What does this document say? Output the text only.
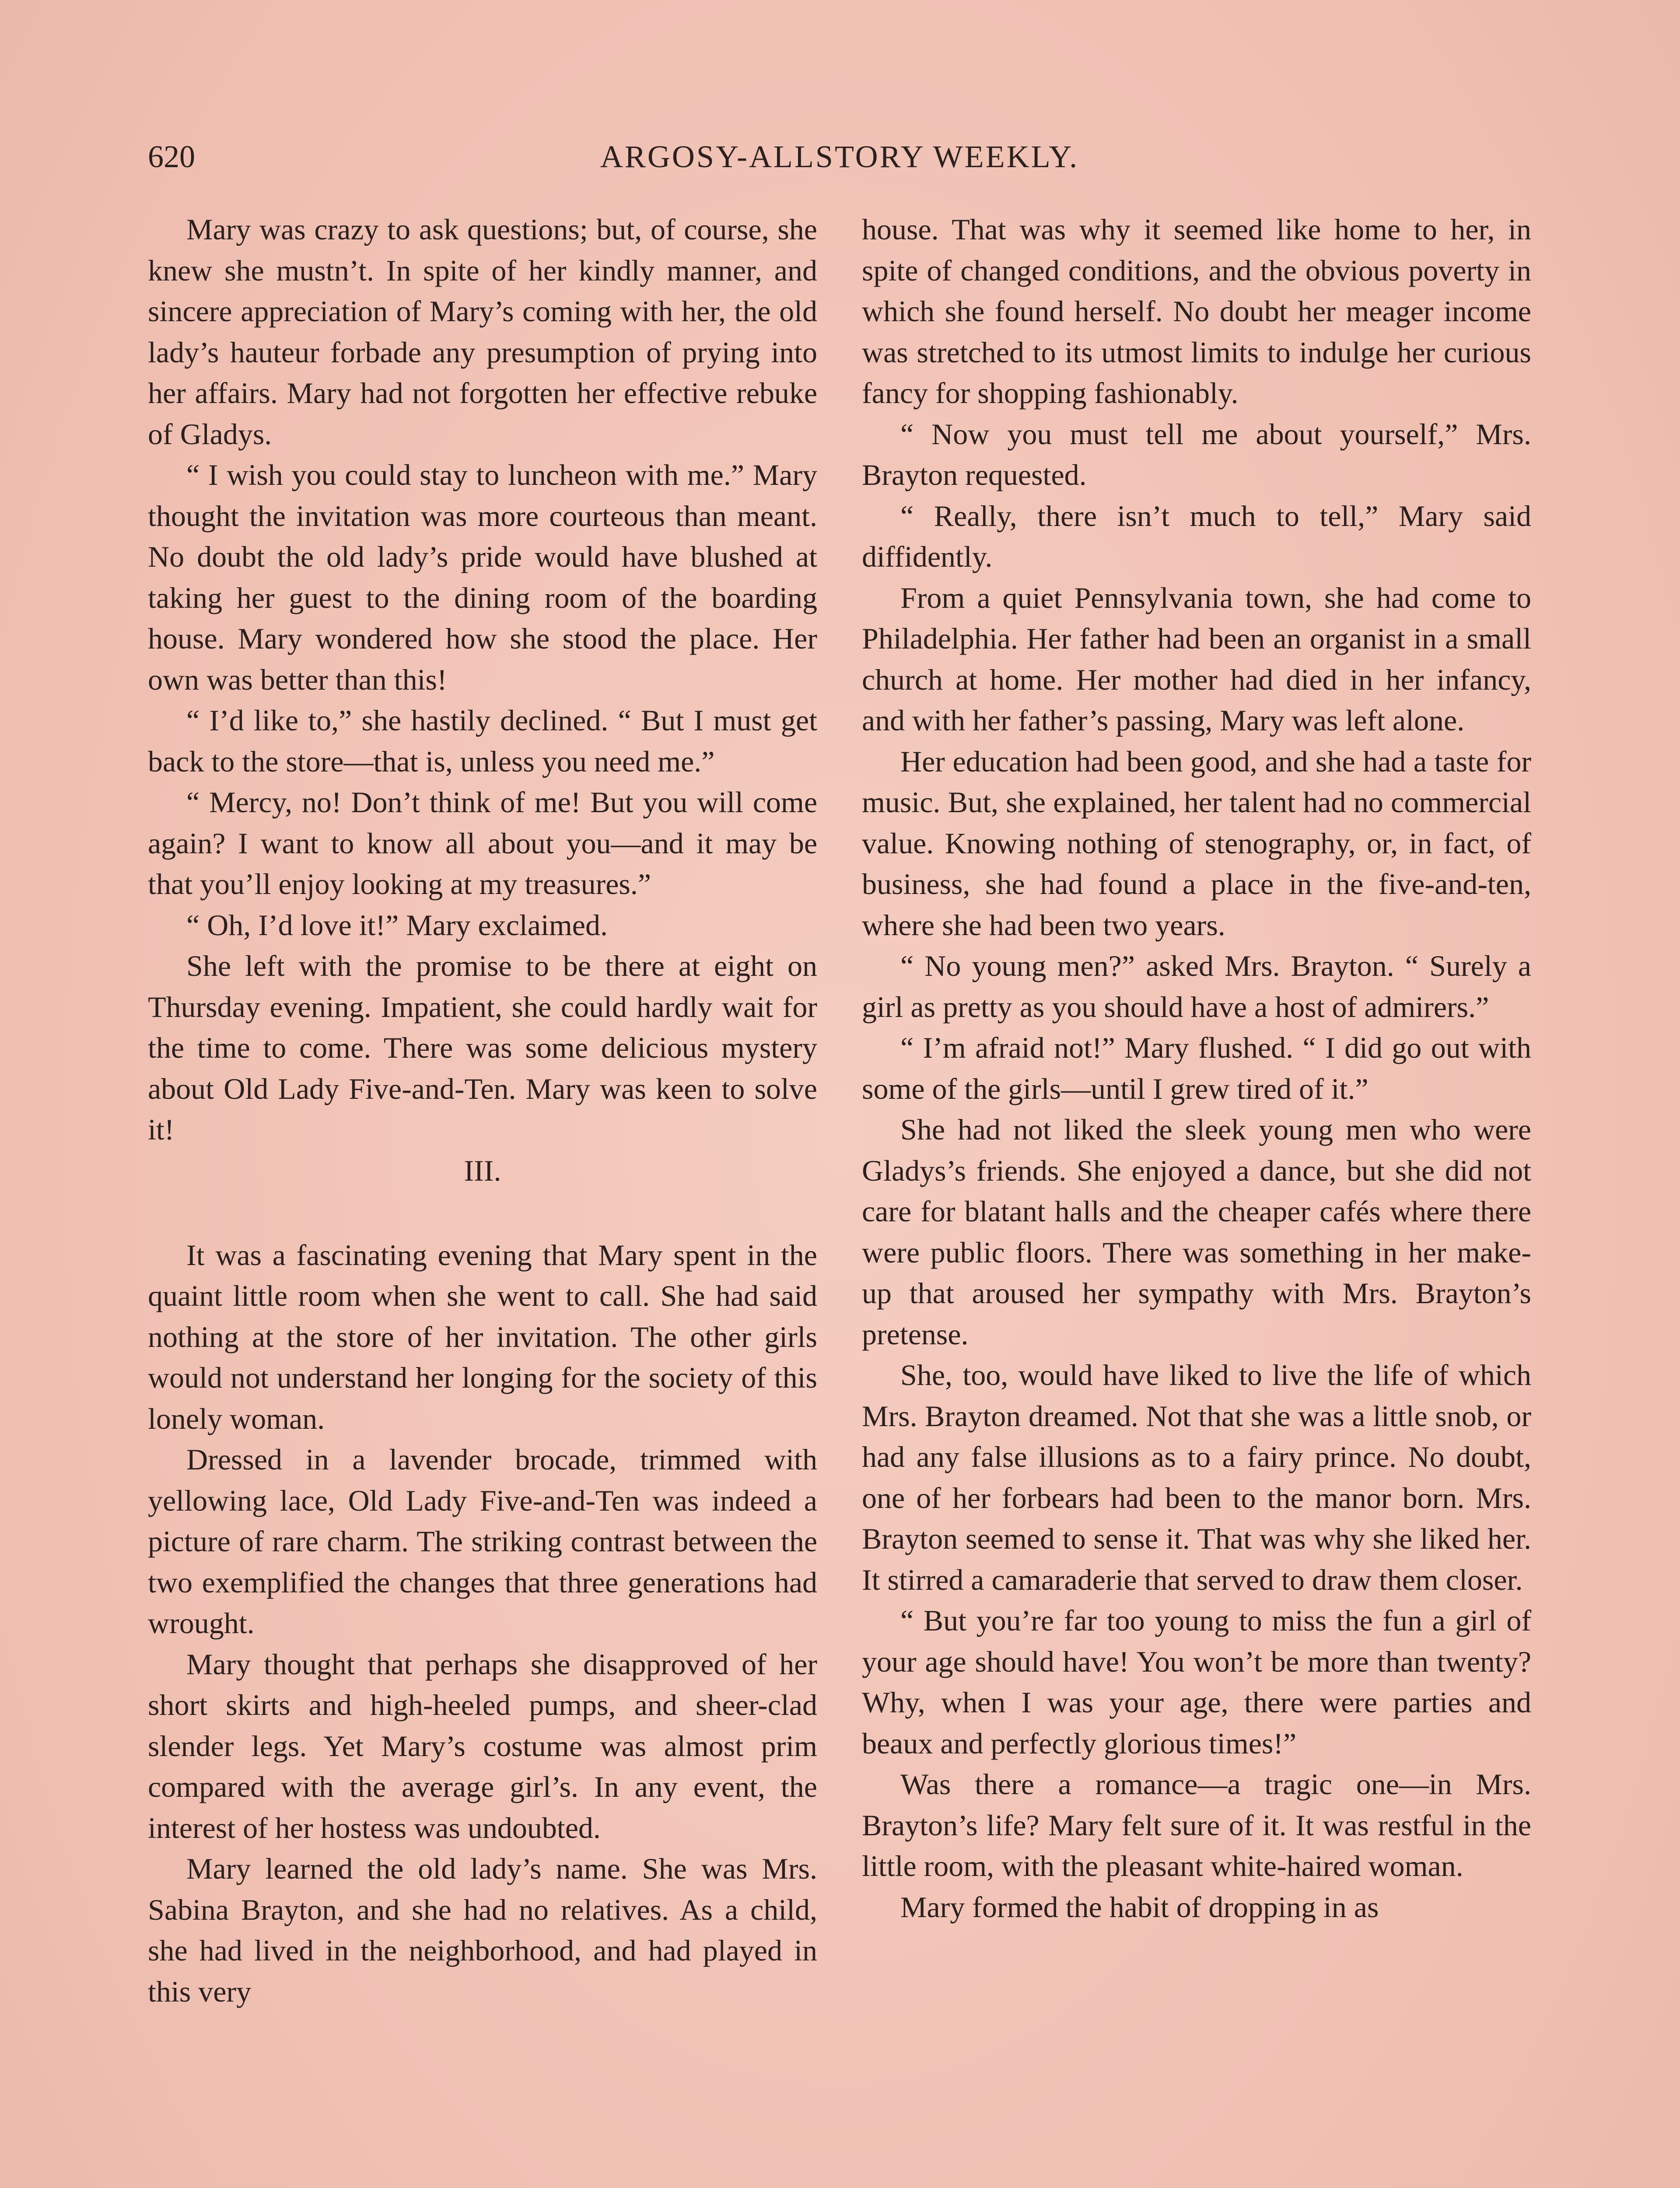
620	ARGOSY-ALLSTORY WEEKLY.

Mary was crazy to ask questions; but, of course, she knew she mustn’t. In spite of her kindly manner, and sincere appreciation of Mary’s coming with her, the old lady’s hauteur forbade any presumption of prying into her affairs. Mary had not forgotten her effective rebuke of Gladys.

“ I wish you could stay to luncheon with me.” Mary thought the invitation was more courteous than meant. No doubt the old lady’s pride would have blushed at taking her guest to the dining room of the boarding house. Mary wondered how she stood the place. Her own was better than this!

“ I’d like to,” she hastily declined. “ But I must get back to the store—that is, unless you need me.”

“ Mercy, no! Don’t think of me! But you will come again? I want to know all about you—and it may be that you’ll enjoy looking at my treasures.”

“ Oh, I’d love it!” Mary exclaimed.

She left with the promise to be there at eight on Thursday evening. Impatient, she could hardly wait for the time to come. There was some delicious mystery about Old Lady Five-and-Ten. Mary was keen to solve it!

III.

It was a fascinating evening that Mary spent in the quaint little room when she went to call. She had said nothing at the store of her invitation. The other girls would not understand her longing for the society of this lonely woman.

Dressed in a lavender brocade, trimmed with yellowing lace, Old Lady Five-and-Ten was indeed a picture of rare charm. The striking contrast between the two exemplified the changes that three generations had wrought.

Mary thought that perhaps she disapproved of her short skirts and high-heeled pumps, and sheer-clad slender legs. Yet Mary’s costume was almost prim compared with the average girl’s. In any event, the interest of her hostess was undoubted.

Mary learned the old lady’s name. She was Mrs. Sabina Brayton, and she had no relatives. As a child, she had lived in the neighborhood, and had played in this very

house. That was why it seemed like home to her, in spite of changed conditions, and the obvious poverty in which she found herself. No doubt her meager income was stretched to its utmost limits to indulge her curious fancy for shopping fashionably.

“ Now you must tell me about yourself,” Mrs. Brayton requested.

“ Really, there isn’t much to tell,” Mary said diffidently.

From a quiet Pennsylvania town, she had come to Philadelphia. Her father had been an organist in a small church at home. Her mother had died in her infancy, and with her father’s passing, Mary was left alone.

Her education had been good, and she had a taste for music. But, she explained, her talent had no commercial value. Knowing nothing of stenography, or, in fact, of business, she had found a place in the five-and-ten, where she had been two years.

“ No young men?” asked Mrs. Brayton. “ Surely a girl as pretty as you should have a host of admirers.”

“ I’m afraid not!” Mary flushed. “ I did go out with some of the girls—until I grew tired of it.”

She had not liked the sleek young men who were Gladys’s friends. She enjoyed a dance, but she did not care for blatant halls and the cheaper cafés where there were public floors. There was something in her make-up that aroused her sympathy with Mrs. Brayton’s pretense.

She, too, would have liked to live the life of which Mrs. Brayton dreamed. Not that she was a little snob, or had any false illusions as to a fairy prince. No doubt, one of her forbears had been to the manor born. Mrs. Brayton seemed to sense it. That was why she liked her. It stirred a camaraderie that served to draw them closer.

“ But you’re far too young to miss the fun a girl of your age should have! You won’t be more than twenty? Why, when I was your age, there were parties and beaux and perfectly glorious times!”

Was there a romance—a tragic one—in Mrs. Brayton’s life? Mary felt sure of it. It was restful in the little room, with the pleasant white-haired woman.

Mary formed the habit of dropping in as
